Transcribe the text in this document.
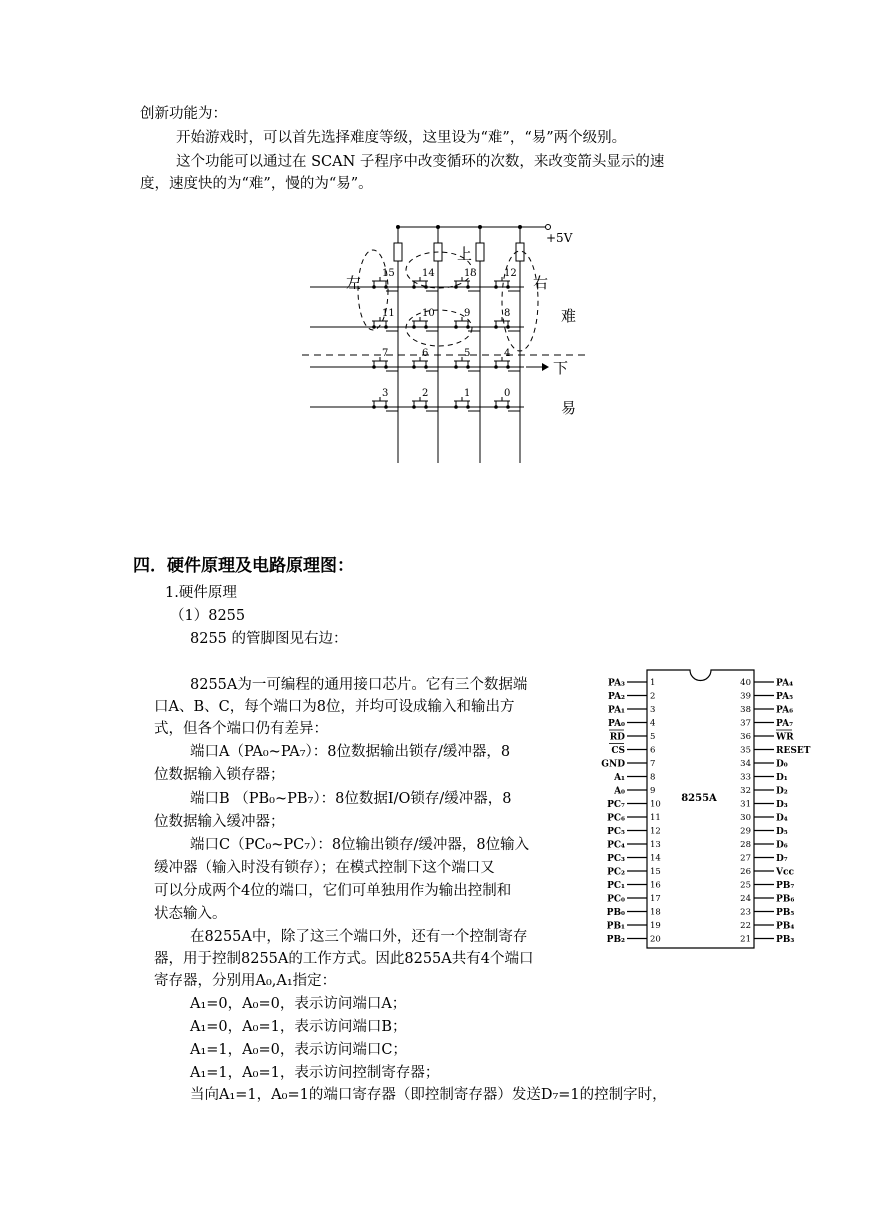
创新功能为：
开始游戏时，可以首先选择难度等级，这里设为“难”，“易”两个级别。
这个功能可以通过在 SCAN 子程序中改变循环的次数，来改变箭头显示的速
度，速度快的为“难”，慢的为“易”。
15	14	13	12
11	10	9	8
7	6	5	4
3	2	1	0
+5V
上
左	右
下
难
易
四．硬件原理及电路原理图：
1.硬件原理
（1）8255
8255 的管脚图见右边：
8255A为一可编程的通用接口芯片。它有三个数据端
口A、B、C，每个端口为8位，并均可设成输入和输出方
式，但各个端口仍有差异：
端口A（PA₀~PA₇）：8位数据输出锁存/缓冲器，8
位数据输入锁存器；
端口B （PB₀~PB₇）：8位数据I/O锁存/缓冲器，8
位数据输入缓冲器；
端口C（PC₀~PC₇）：8位输出锁存/缓冲器，8位输入
缓冲器（输入时没有锁存）；在模式控制下这个端口又
可以分成两个4位的端口，它们可单独用作为输出控制和
状态输入。
在8255A中，除了这三个端口外，还有一个控制寄存
器，用于控制8255A的工作方式。因此8255A共有4个端口
寄存器，分别用A₀,A₁指定：
A₁=0，A₀=0，表示访问端口A；
A₁=0，A₀=1，表示访问端口B；
A₁=1，A₀=0，表示访问端口C；
A₁=1，A₀=1，表示访问控制寄存器；
当向A₁=1，A₀=1的端口寄存器（即控制寄存器）发送D₇=1的控制字时，
8255A
1
PA₃
2
PA₂
3
PA₁
4
PA₀
5
RD
6
CS
7
GND
8
A₁
9
A₀
10
PC₇
11
PC₆
12
PC₅
13
PC₄
14
PC₃
15
PC₂
16
PC₁
17
PC₀
18
PB₀
19
PB₁
20
PB₂
40	PA₄
39	PA₅
38	PA₆
37	PA₇
36	WR
35	RESET
34	D₀
33	D₁
32	D₂
31	D₃
30	D₄
29	D₅
28	D₆
27	D₇
26	Vcc
25	PB₇
24	PB₆
23	PB₅
22	PB₄
21	PB₃
